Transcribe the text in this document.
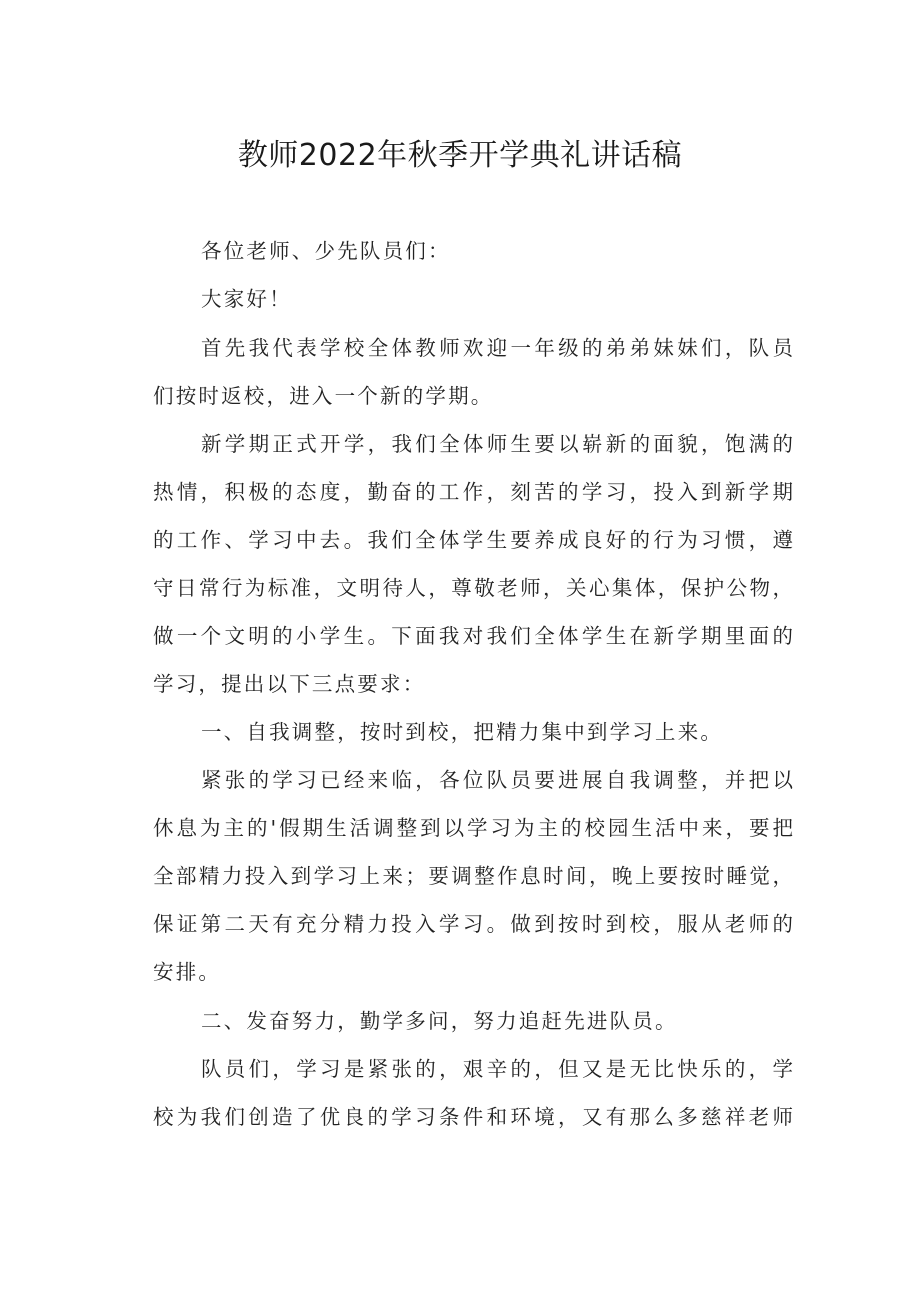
教师2022年秋季开学典礼讲话稿

各位老师、少先队员们：

大家好！

首先我代表学校全体教师欢迎一年级的弟弟妹妹们，队员

们按时返校，进入一个新的学期。

新学期正式开学，我们全体师生要以崭新的面貌，饱满的

热情，积极的态度，勤奋的工作，刻苦的学习，投入到新学期

的工作、学习中去。我们全体学生要养成良好的行为习惯，遵

守日常行为标准，文明待人，尊敬老师，关心集体，保护公物，

做一个文明的小学生。下面我对我们全体学生在新学期里面的

学习，提出以下三点要求：

一、自我调整，按时到校，把精力集中到学习上来。

紧张的学习已经来临，各位队员要进展自我调整，并把以

休息为主的'假期生活调整到以学习为主的校园生活中来，要把

全部精力投入到学习上来；要调整作息时间，晚上要按时睡觉，

保证第二天有充分精力投入学习。做到按时到校，服从老师的

安排。

二、发奋努力，勤学多问，努力追赶先进队员。

队员们，学习是紧张的，艰辛的，但又是无比快乐的，学

校为我们创造了优良的学习条件和环境，又有那么多慈祥老师
